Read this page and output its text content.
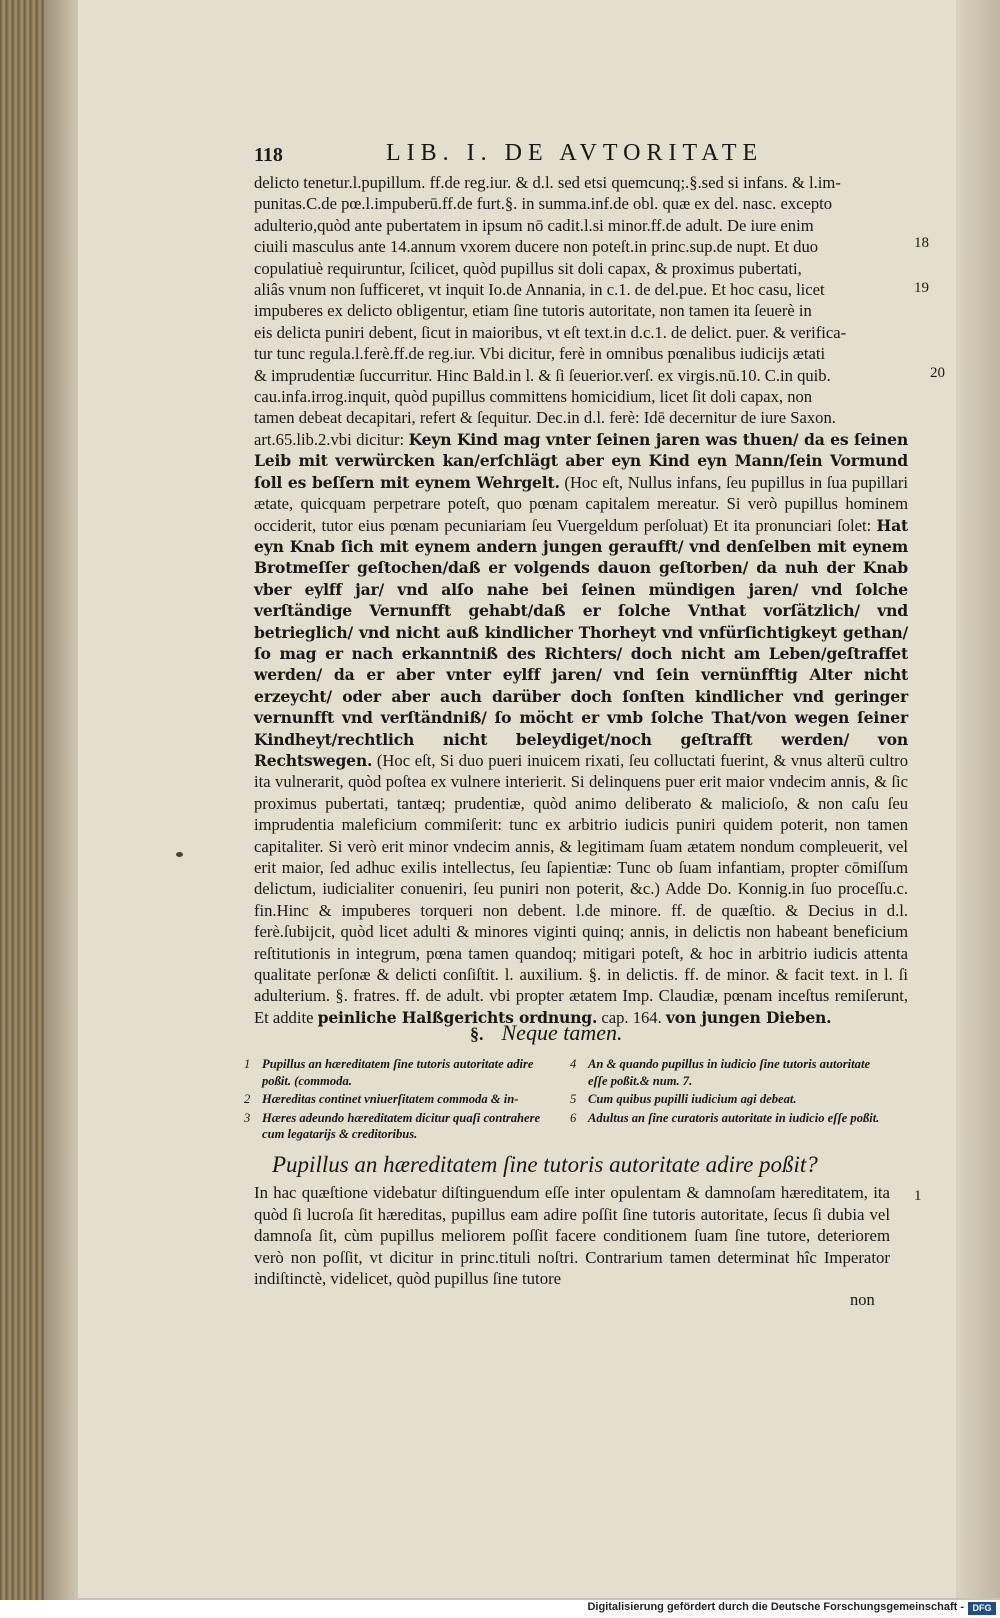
118	LIB. I. DE AVTORITATE

delicto tenetur.l.pupillum. ff.de reg.iur. & d.l. sed etsi quemcunq;.§.sed si infans. & l.im-

punitas.C.de pœ.l.impuberū.ff.de furt.§. in summa.inf.de obl. quæ ex del. nasc. excepto

adulterio,quòd ante pubertatem in ipsum nō cadit.l.si minor.ff.de adult. De iure enim

ciuili masculus ante 14.annum vxorem ducere non poteſt.in princ.sup.de nupt. Et duo

copulatiuè requiruntur, ſcilicet, quòd pupillus sit doli capax, & proximus pubertati,

aliâs vnum non ſufficeret, vt inquit Io.de Annania, in c.1. de del.pue. Et hoc casu, licet

impuberes ex delicto obligentur, etiam ſine tutoris autoritate, non tamen ita ſeuerè in

eis delicta puniri debent, ſicut in maioribus, vt eſt text.in d.c.1. de delict. puer. & verifica-

tur tunc regula.l.ferè.ff.de reg.iur. Vbi dicitur, ferè in omnibus pœnalibus iudicijs ætati

& imprudentiæ ſuccurritur. Hinc Bald.in l. & ſi ſeuerior.verſ. ex virgis.nū.10. C.in quib.

cau.infa.irrog.inquit, quòd pupillus committens homicidium, licet ſit doli capax, non

tamen debeat decapitari, refert & ſequitur. Dec.in d.l. ferè: Idē decernitur de iure Saxon.

art.65.lib.2.vbi dicitur: Keyn Kind mag vnter ſeinen jaren was thuen/ da es ſeinen Leib mit verwürcken kan/erſchlägt aber eyn Kind eyn Mann/ſein Vormund ſoll es beſſern mit eynem Wehrgelt. (Hoc eſt, Nullus infans, ſeu pupillus in ſua pupillari ætate, quicquam perpetrare poteſt, quo pœnam capitalem mereatur. Si verò pupillus hominem occiderit, tutor eius pœnam pecuniariam ſeu Vuergeldum perſoluat) Et ita pronunciari ſolet: Hat eyn Knab ſich mit eynem andern jungen geraufft/ vnd denſelben mit eynem Brotmeſſer geſtochen/daß er volgends dauon geſtorben/ da nuh der Knab vber eylff jar/ vnd alſo nahe bei ſeinen mündigen jaren/ vnd ſolche verſtändige Vernunfft gehabt/daß er ſolche Vnthat vorſätzlich/ vnd betrieglich/ vnd nicht auß kindlicher Thorheyt vnd vnfürſichtigkeyt gethan/ ſo mag er nach erkanntniß des Richters/ doch nicht am Leben/geſtraffet werden/ da er aber vnter eylff jaren/ vnd ſein vernünfftig Alter nicht erzeycht/ oder aber auch darüber doch ſonſten kindlicher vnd geringer vernunfft vnd verſtändniß/ ſo möcht er vmb ſolche That/von wegen ſeiner Kindheyt/rechtlich nicht beleydiget/noch geſtrafft werden/ von Rechtswegen. (Hoc eſt, Si duo pueri inuicem rixati, ſeu colluctati fuerint, & vnus alterū cultro ita vulnerarit, quòd poſtea ex vulnere interierit. Si delinquens puer erit maior vndecim annis, & ſic proximus pubertati, tantæq; prudentiæ, quòd animo deliberato & malicioſo, & non caſu ſeu imprudentia maleficium commiſerit: tunc ex arbitrio iudicis puniri quidem poterit, non tamen capitaliter. Si verò erit minor vndecim annis, & legitimam ſuam ætatem nondum compleuerit, vel erit maior, ſed adhuc exilis intellectus, ſeu ſapientiæ: Tunc ob ſuam infantiam, propter cōmiſſum delictum, iudicialiter conueniri, ſeu puniri non poterit, &c.) Adde Do. Konnig.in ſuo proceſſu.c. fin.Hinc & impuberes torqueri non debent. l.de minore. ff. de quæſtio. & Decius in d.l. ferè.ſubijcit, quòd licet adulti & minores viginti quinq; annis, in delictis non habeant beneficium reſtitutionis in integrum, pœna tamen quandoq; mitigari poteſt, & hoc in arbitrio iudicis attenta qualitate perſonæ & delicti conſiſtit. l. auxilium. §. in delictis. ff. de minor. & facit text. in l. ſi adulterium. §. fratres. ff. de adult. vbi propter ætatem Imp. Claudiæ, pœnam inceſtus remiſerunt, Et addite peinliche Halßgerichts ordnung. cap. 164. von jungen Dieben.

18
19
20
§. Neque tamen.
1 Pupillus an hæreditatem ſine tutoris autoritate adire poßit. (commoda.
2 Hæreditas continet vniuerſitatem commoda & in-
3 Hæres adeundo hæreditatem dicitur quaſi contrahere cum legatarijs & creditoribus.
4 An & quando pupillus in iudicio ſine tutoris autoritate eſſe poßit.& num. 7.
5 Cum quibus pupilli iudicium agi debeat.
6 Adultus an ſine curatoris autoritate in iudicio eſſe poßit.
Pupillus an hæreditatem ſine tutoris autoritate adire poßit?
In hac quæſtione videbatur diſtinguendum eſſe inter opulentam & damnoſam hæreditatem, ita quòd ſi lucroſa ſit hæreditas, pupillus eam adire poſſit ſine tutoris autoritate, ſecus ſi dubia vel damnoſa ſit, cùm pupillus meliorem poſſit facere conditionem ſuam ſine tutore, deteriorem verò non poſſit, vt dicitur in princ.tituli noſtri. Contrarium tamen determinat hîc Imperator indiſtinctè, videlicet, quòd pupillus ſine tutore
1
non
Digitalisierung gefördert durch die Deutsche Forschungsgemeinschaft - DFG
